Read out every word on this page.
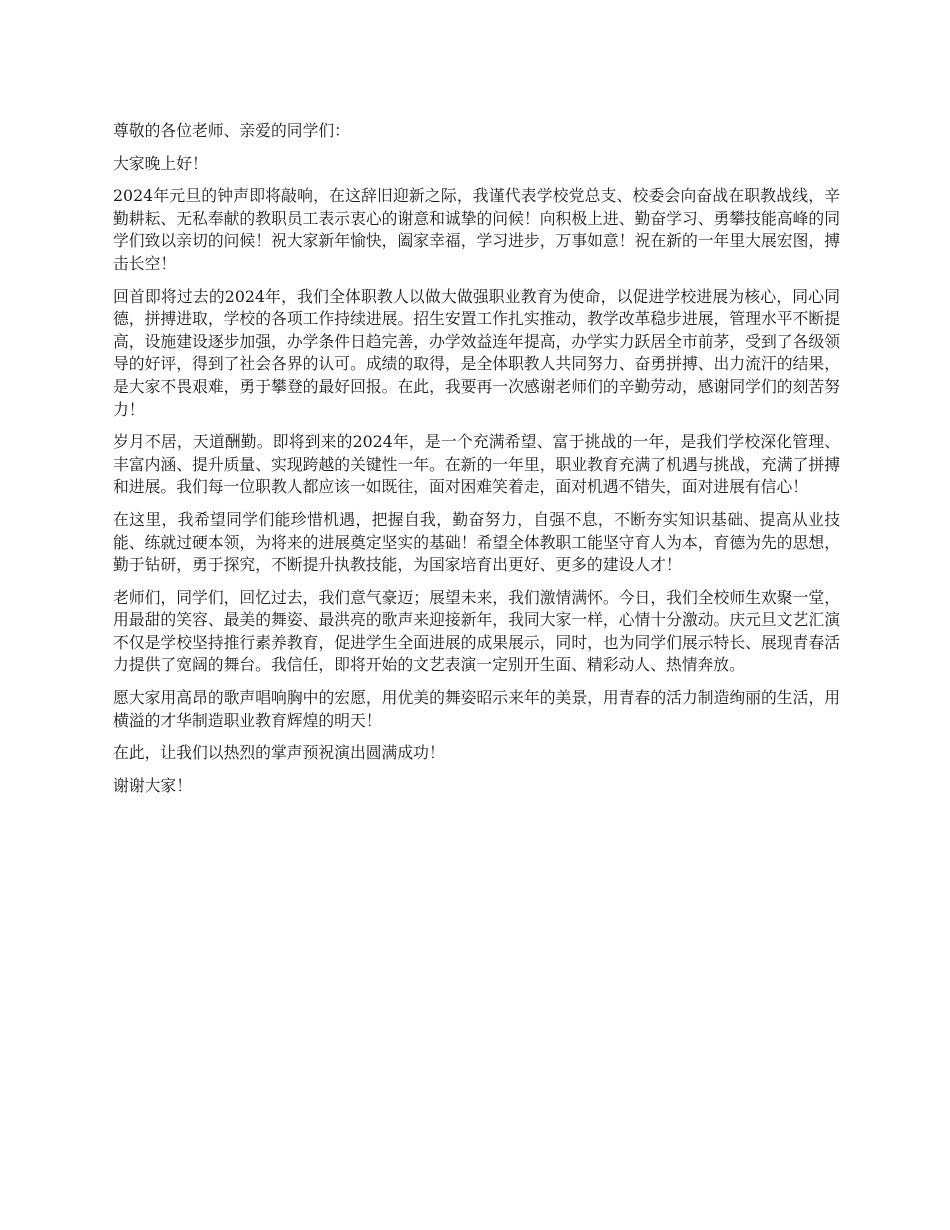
尊敬的各位老师、亲爱的同学们：

大家晚上好！

2024年元旦的钟声即将敲响，在这辞旧迎新之际，我谨代表学校党总支、校委会向奋战在职教战线，辛勤耕耘、无私奉献的教职员工表示衷心的谢意和诚挚的问候！向积极上进、勤奋学习、勇攀技能高峰的同学们致以亲切的问候！祝大家新年愉快，阖家幸福，学习进步，万事如意！祝在新的一年里大展宏图，搏击长空！

回首即将过去的2024年，我们全体职教人以做大做强职业教育为使命，以促进学校进展为核心，同心同德，拼搏进取，学校的各项工作持续进展。招生安置工作扎实推动，教学改革稳步进展，管理水平不断提高，设施建设逐步加强，办学条件日趋完善，办学效益连年提高，办学实力跃居全市前茅，受到了各级领导的好评，得到了社会各界的认可。成绩的取得，是全体职教人共同努力、奋勇拼搏、出力流汗的结果，是大家不畏艰难，勇于攀登的最好回报。在此，我要再一次感谢老师们的辛勤劳动，感谢同学们的刻苦努力！

岁月不居，天道酬勤。即将到来的2024年，是一个充满希望、富于挑战的一年，是我们学校深化管理、丰富内涵、提升质量、实现跨越的关键性一年。在新的一年里，职业教育充满了机遇与挑战，充满了拼搏和进展。我们每一位职教人都应该一如既往，面对困难笑着走，面对机遇不错失，面对进展有信心！

在这里，我希望同学们能珍惜机遇，把握自我，勤奋努力，自强不息，不断夯实知识基础、提高从业技能、练就过硬本领，为将来的进展奠定坚实的基础！希望全体教职工能坚守育人为本，育德为先的思想，勤于钻研，勇于探究，不断提升执教技能，为国家培育出更好、更多的建设人才！

老师们，同学们，回忆过去，我们意气豪迈；展望未来，我们激情满怀。今日，我们全校师生欢聚一堂，用最甜的笑容、最美的舞姿、最洪亮的歌声来迎接新年，我同大家一样，心情十分激动。庆元旦文艺汇演不仅是学校坚持推行素养教育，促进学生全面进展的成果展示，同时，也为同学们展示特长、展现青春活力提供了宽阔的舞台。我信任，即将开始的文艺表演一定别开生面、精彩动人、热情奔放。

愿大家用高昂的歌声唱响胸中的宏愿，用优美的舞姿昭示来年的美景，用青春的活力制造绚丽的生活，用横溢的才华制造职业教育辉煌的明天！

在此，让我们以热烈的掌声预祝演出圆满成功！

谢谢大家！
